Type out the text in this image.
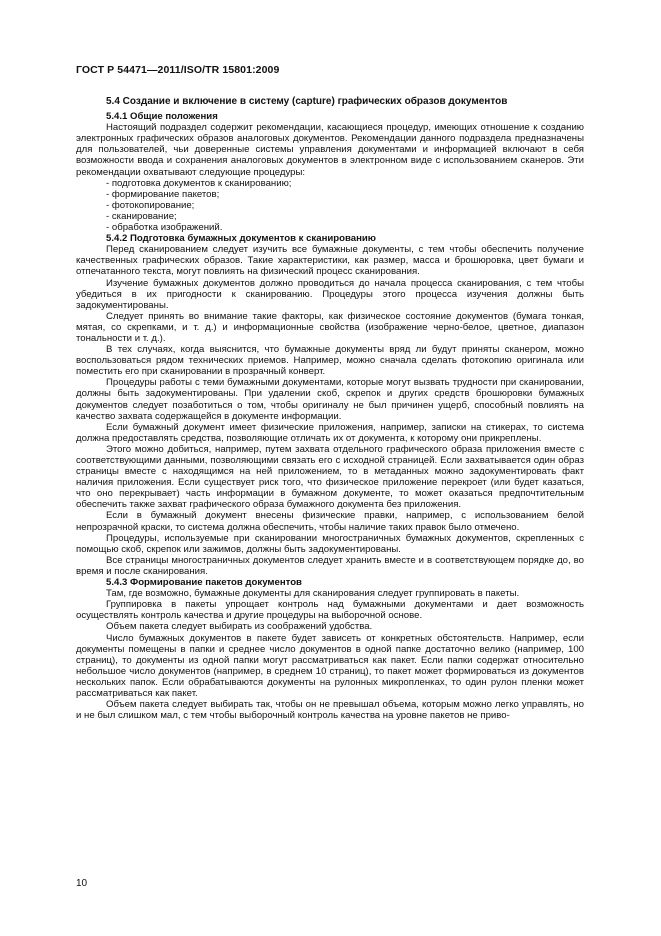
ГОСТ Р 54471—2011/ISO/TR 15801:2009
5.4 Создание и включение в систему (capture) графических образов документов
5.4.1 Общие положения

Настоящий подраздел содержит рекомендации, касающиеся процедур, имеющих отношение к созданию электронных графических образов аналоговых документов. Рекомендации данного подраздела предназначены для пользователей, чьи доверенные системы управления документами и информацией включают в себя возможности ввода и сохранения аналоговых документов в электронном виде с использованием сканеров. Эти рекомендации охватывают следующие процедуры:

- подготовка документов к сканированию;
- формирование пакетов;
- фотокопирование;
- сканирование;
- обработка изображений.
5.4.2 Подготовка бумажных документов к сканированию

Перед сканированием следует изучить все бумажные документы, с тем чтобы обеспечить получение качественных графических образов. Такие характеристики, как размер, масса и брошюровка, цвет бумаги и отпечатанного текста, могут повлиять на физический процесс сканирования.

Изучение бумажных документов должно проводиться до начала процесса сканирования, с тем чтобы убедиться в их пригодности к сканированию. Процедуры этого процесса изучения должны быть задокументированы.

Следует принять во внимание такие факторы, как физическое состояние документов (бумага тонкая, мятая, со скрепками, и т. д.) и информационные свойства (изображение черно-белое, цветное, диапазон тональности и т. д.).

В тех случаях, когда выяснится, что бумажные документы вряд ли будут приняты сканером, можно воспользоваться рядом технических приемов. Например, можно сначала сделать фотокопию оригинала или поместить его при сканировании в прозрачный конверт.

Процедуры работы с теми бумажными документами, которые могут вызвать трудности при сканировании, должны быть задокументированы. При удалении скоб, скрепок и других средств брошюровки бумажных документов следует позаботиться о том, чтобы оригиналу не был причинен ущерб, способный повлиять на качество захвата содержащейся в документе информации.

Если бумажный документ имеет физические приложения, например, записки на стикерах, то система должна предоставлять средства, позволяющие отличать их от документа, к которому они прикреплены.

Этого можно добиться, например, путем захвата отдельного графического образа приложения вместе с соответствующими данными, позволяющими связать его с исходной страницей. Если захватывается один образ страницы вместе с находящимся на ней приложением, то в метаданных можно задокументировать факт наличия приложения. Если существует риск того, что физическое приложение перекроет (или будет казаться, что оно перекрывает) часть информации в бумажном документе, то может оказаться предпочтительным обеспечить также захват графического образа бумажного документа без приложения.

Если в бумажный документ внесены физические правки, например, с использованием белой непрозрачной краски, то система должна обеспечить, чтобы наличие таких правок было отмечено.

Процедуры, используемые при сканировании многостраничных бумажных документов, скрепленных с помощью скоб, скрепок или зажимов, должны быть задокументированы.

Все страницы многостраничных документов следует хранить вместе и в соответствующем порядке до, во время и после сканирования.

5.4.3 Формирование пакетов документов

Там, где возможно, бумажные документы для сканирования следует группировать в пакеты.

Группировка в пакеты упрощает контроль над бумажными документами и дает возможность осуществлять контроль качества и другие процедуры на выборочной основе.

Объем пакета следует выбирать из соображений удобства.

Число бумажных документов в пакете будет зависеть от конкретных обстоятельств. Например, если документы помещены в папки и среднее число документов в одной папке достаточно велико (например, 100 страниц), то документы из одной папки могут рассматриваться как пакет. Если папки содержат относительно небольшое число документов (например, в среднем 10 страниц), то пакет может формироваться из документов нескольких папок. Если обрабатываются документы на рулонных микропленках, то один рулон пленки может рассматриваться как пакет.

Объем пакета следует выбирать так, чтобы он не превышал объема, которым можно легко управлять, но и не был слишком мал, с тем чтобы выборочный контроль качества на уровне пакетов не приво-

10
